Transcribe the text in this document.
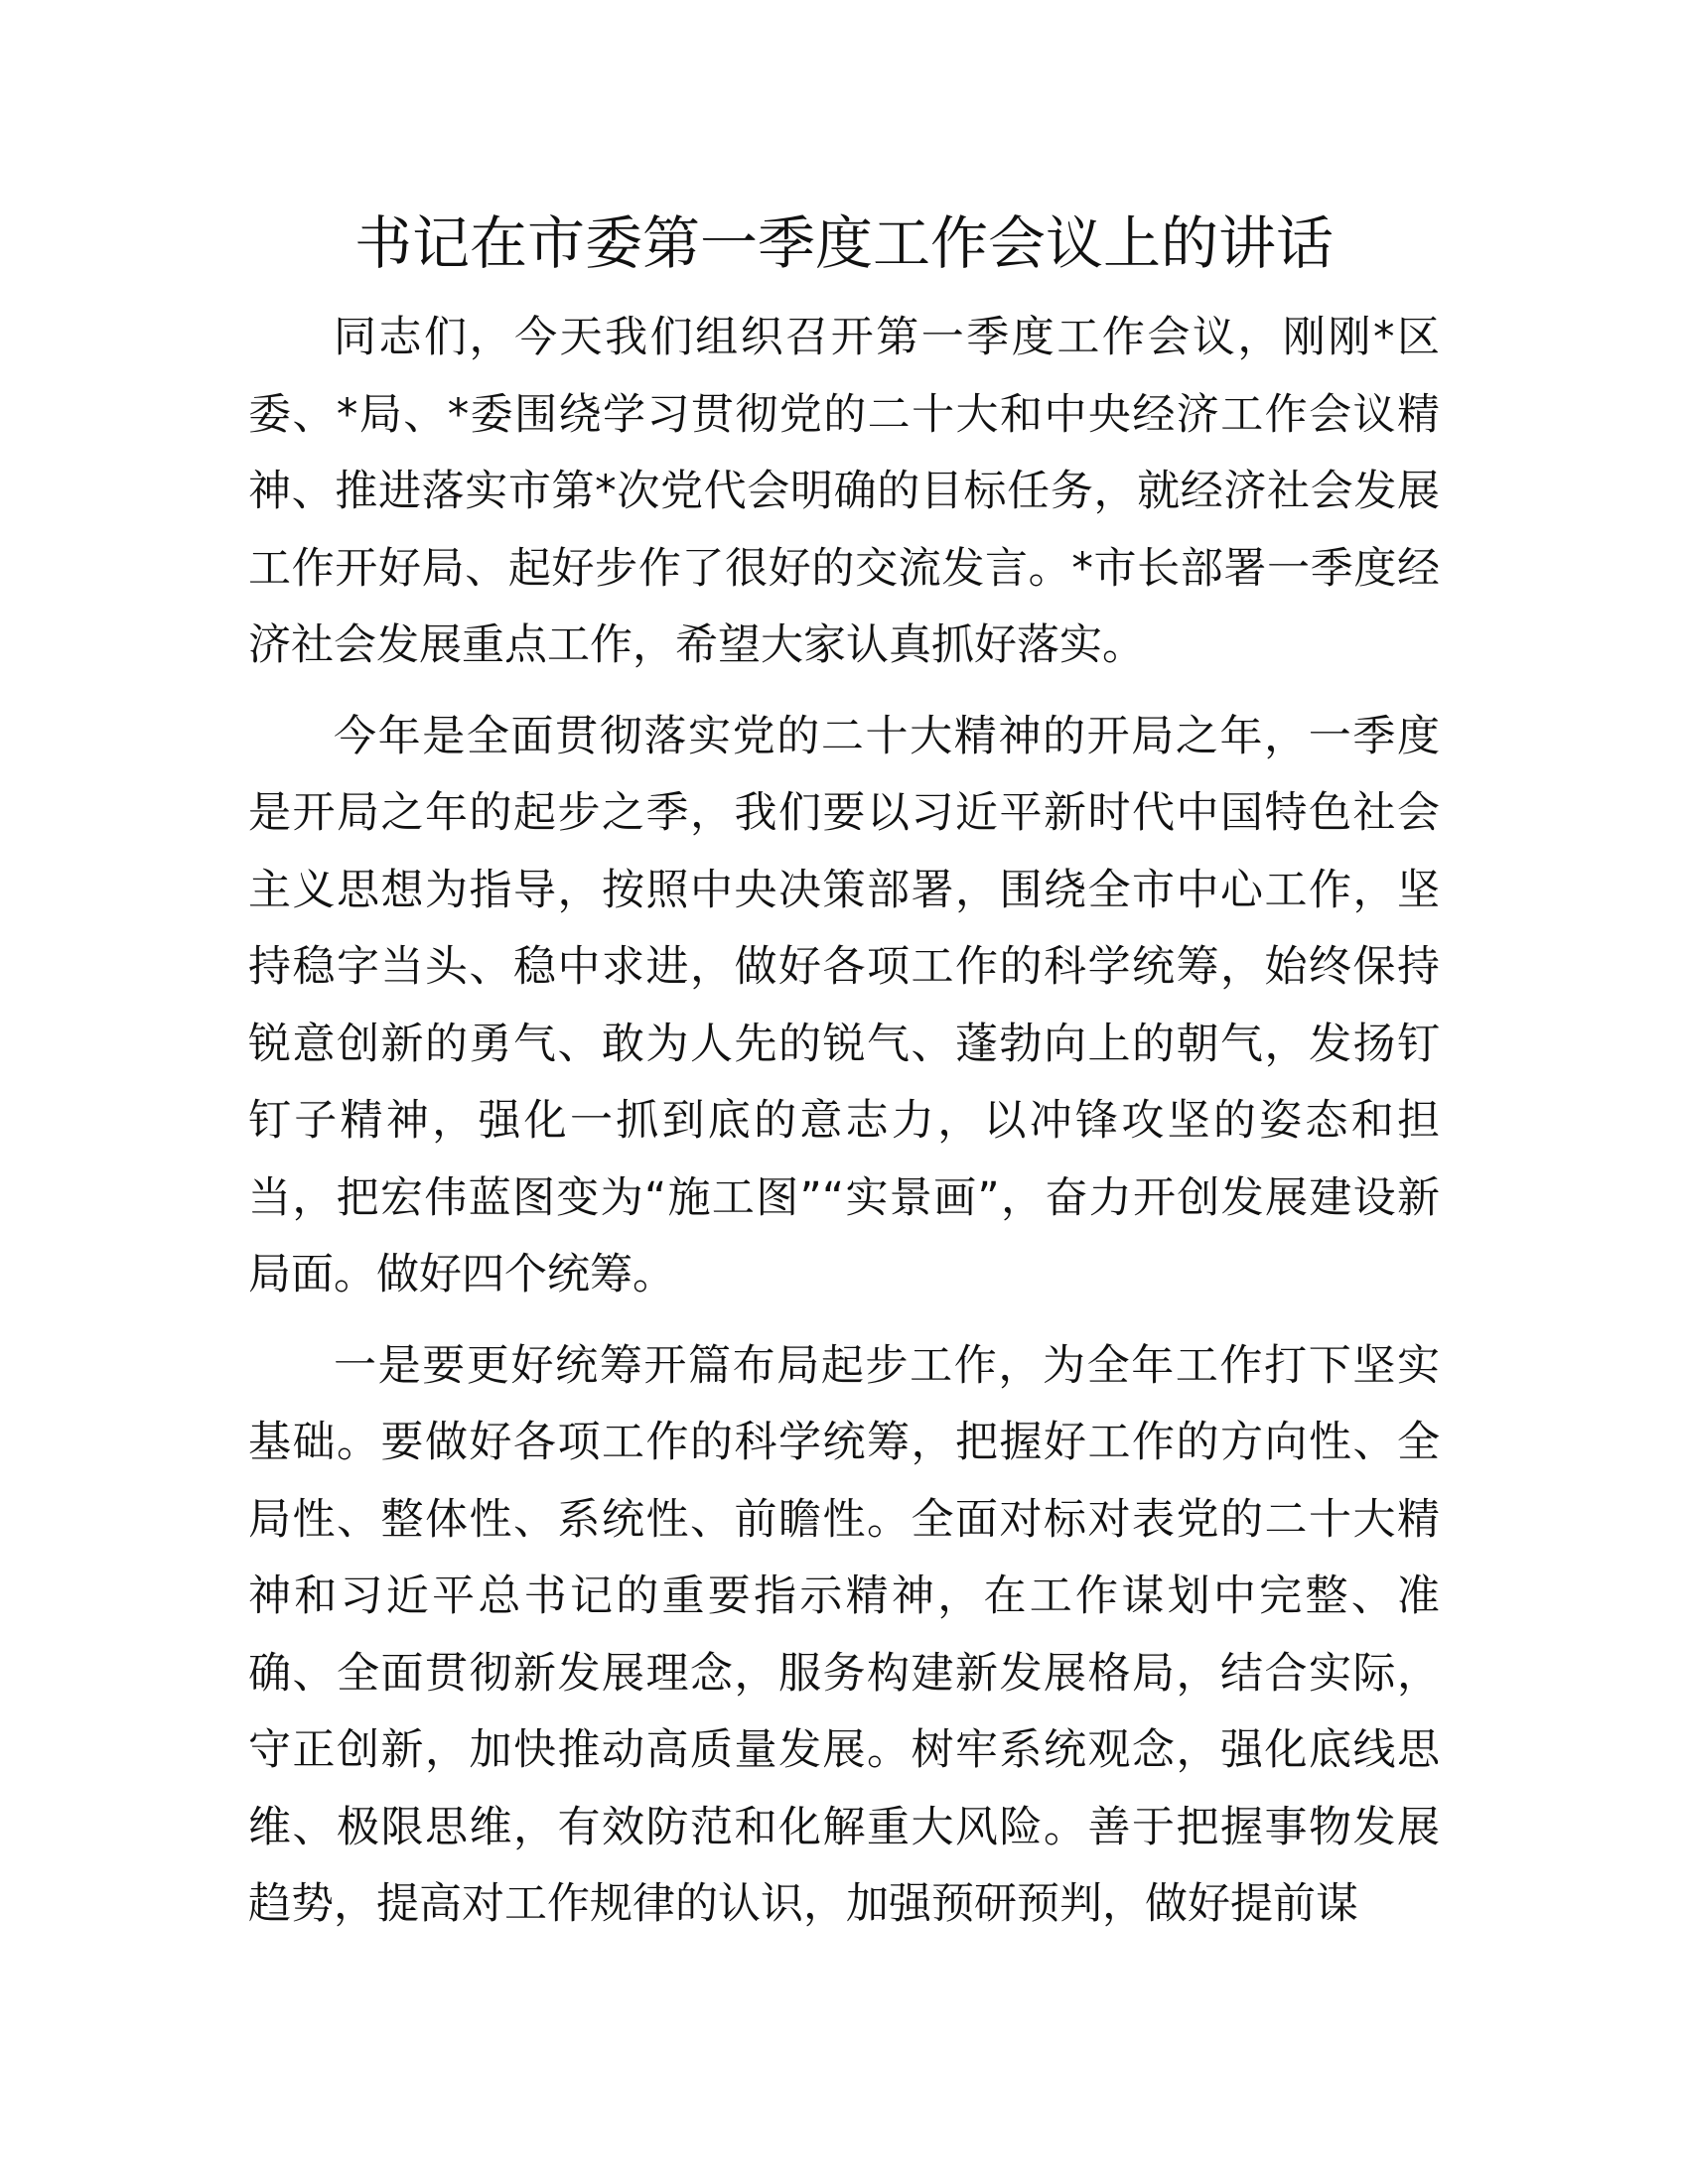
书记在市委第一季度工作会议上的讲话

同志们，今天我们组织召开第一季度工作会议，刚刚*区委、*局、*委围绕学习贯彻党的二十大和中央经济工作会议精神、推进落实市第*次党代会明确的目标任务，就经济社会发展工作开好局、起好步作了很好的交流发言。*市长部署一季度经济社会发展重点工作，希望大家认真抓好落实。

今年是全面贯彻落实党的二十大精神的开局之年，一季度是开局之年的起步之季，我们要以习近平新时代中国特色社会主义思想为指导，按照中央决策部署，围绕全市中心工作，坚持稳字当头、稳中求进，做好各项工作的科学统筹，始终保持锐意创新的勇气、敢为人先的锐气、蓬勃向上的朝气，发扬钉钉子精神，强化一抓到底的意志力，以冲锋攻坚的姿态和担当，把宏伟蓝图变为“施工图”“实景画”，奋力开创发展建设新局面。做好四个统筹。

一是要更好统筹开篇布局起步工作，为全年工作打下坚实基础。要做好各项工作的科学统筹，把握好工作的方向性、全局性、整体性、系统性、前瞻性。全面对标对表党的二十大精神和习近平总书记的重要指示精神，在工作谋划中完整、准确、全面贯彻新发展理念，服务构建新发展格局，结合实际，守正创新，加快推动高质量发展。树牢系统观念，强化底线思维、极限思维，有效防范和化解重大风险。善于把握事物发展趋势，提高对工作规律的认识，加强预研预判，做好提前谋
